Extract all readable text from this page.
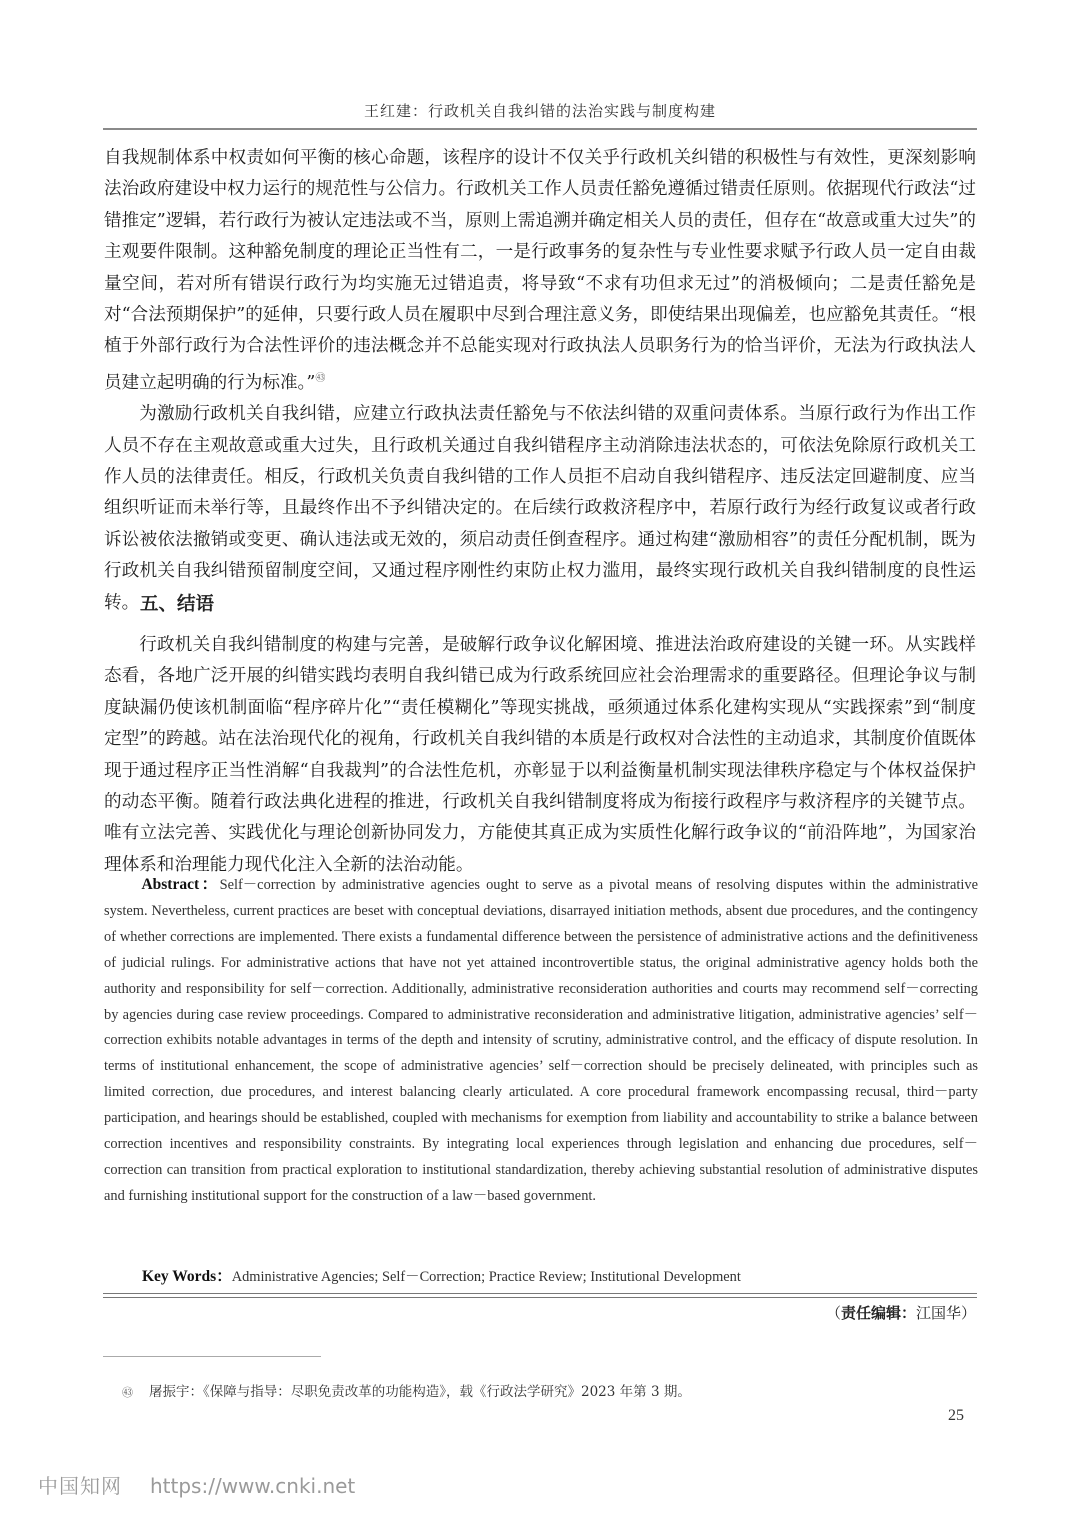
王红建：行政机关自我纠错的法治实践与制度构建

自我规制体系中权责如何平衡的核心命题，该程序的设计不仅关乎行政机关纠错的积极性与有效性，更深刻影响法治政府建设中权力运行的规范性与公信力。行政机关工作人员责任豁免遵循过错责任原则。依据现代行政法“过错推定”逻辑，若行政行为被认定违法或不当，原则上需追溯并确定相关人员的责任，但存在“故意或重大过失”的主观要件限制。这种豁免制度的理论正当性有二，一是行政事务的复杂性与专业性要求赋予行政人员一定自由裁量空间，若对所有错误行政行为均实施无过错追责，将导致“不求有功但求无过”的消极倾向；二是责任豁免是对“合法预期保护”的延伸，只要行政人员在履职中尽到合理注意义务，即使结果出现偏差，也应豁免其责任。“根植于外部行政行为合法性评价的违法概念并不总能实现对行政执法人员职务行为的恰当评价，无法为行政执法人员建立起明确的行为标准。”$^㊸$

为激励行政机关自我纠错，应建立行政执法责任豁免与不依法纠错的双重问责体系。当原行政行为作出工作人员不存在主观故意或重大过失，且行政机关通过自我纠错程序主动消除违法状态的，可依法免除原行政机关工作人员的法律责任。相反，行政机关负责自我纠错的工作人员拒不启动自我纠错程序、违反法定回避制度、应当组织听证而未举行等，且最终作出不予纠错决定的。在后续行政救济程序中，若原行政行为经行政复议或者行政诉讼被依法撤销或变更、确认违法或无效的，须启动责任倒查程序。通过构建“激励相容”的责任分配机制，既为行政机关自我纠错预留制度空间，又通过程序刚性约束防止权力滥用，最终实现行政机关自我纠错制度的良性运转。 五、结语

行政机关自我纠错制度的构建与完善，是破解行政争议化解困境、推进法治政府建设的关键一环。从实践样态看，各地广泛开展的纠错实践均表明自我纠错已成为行政系统回应社会治理需求的重要路径。但理论争议与制度缺漏仍使该机制面临“程序碎片化”“责任模糊化”等现实挑战，亟须通过体系化建构实现从“实践探索”到“制度定型”的跨越。站在法治现代化的视角，行政机关自我纠错的本质是行政权对合法性的主动追求，其制度价值既体现于通过程序正当性消解“自我裁判”的合法性危机，亦彰显于以利益衡量机制实现法律秩序稳定与个体权益保护的动态平衡。随着行政法典化进程的推进，行政机关自我纠错制度将成为衔接行政程序与救济程序的关键节点。唯有立法完善、实践优化与理论创新协同发力，方能使其真正成为实质性化解行政争议的“前沿阵地”，为国家治理体系和治理能力现代化注入全新的法治动能。

Abstract：Self－correction by administrative agencies ought to serve as a pivotal means of resolving disputes within the administrative system. Nevertheless, current practices are beset with conceptual deviations, disarrayed initiation methods, absent due procedures, and the contingency of whether corrections are implemented. There exists a fundamental difference between the persistence of administrative actions and the definitiveness of judicial rulings. For administrative actions that have not yet attained incontrovertible status, the original administrative agency holds both the authority and responsibility for self－correction. Additionally, administrative reconsideration authorities and courts may recommend self－correcting by agencies during case review proceedings. Compared to administrative reconsideration and administrative litigation, administrative agencies’ self－correction exhibits notable advantages in terms of the depth and intensity of scrutiny, administrative control, and the efficacy of dispute resolution. In terms of institutional enhancement, the scope of administrative agencies’ self－correction should be precisely delineated, with principles such as limited correction, due procedures, and interest balancing clearly articulated. A core procedural framework encompassing recusal, third－party participation, and hearings should be established, coupled with mechanisms for exemption from liability and accountability to strike a balance between correction incentives and responsibility constraints. By integrating local experiences through legislation and enhancing due procedures, self－correction can transition from practical exploration to institutional standardization, thereby achieving substantial resolution of administrative disputes and furnishing institutional support for the construction of a law－based government.

Key Words：Administrative Agencies; Self－Correction; Practice Review; Institutional Development
（责任编辑：江国华）
㊸ 屠振宇：《保障与指导：尽职免责改革的功能构造》，载《行政法学研究》2023 年第 3 期。
25
中国知网 https://www.cnki.net
